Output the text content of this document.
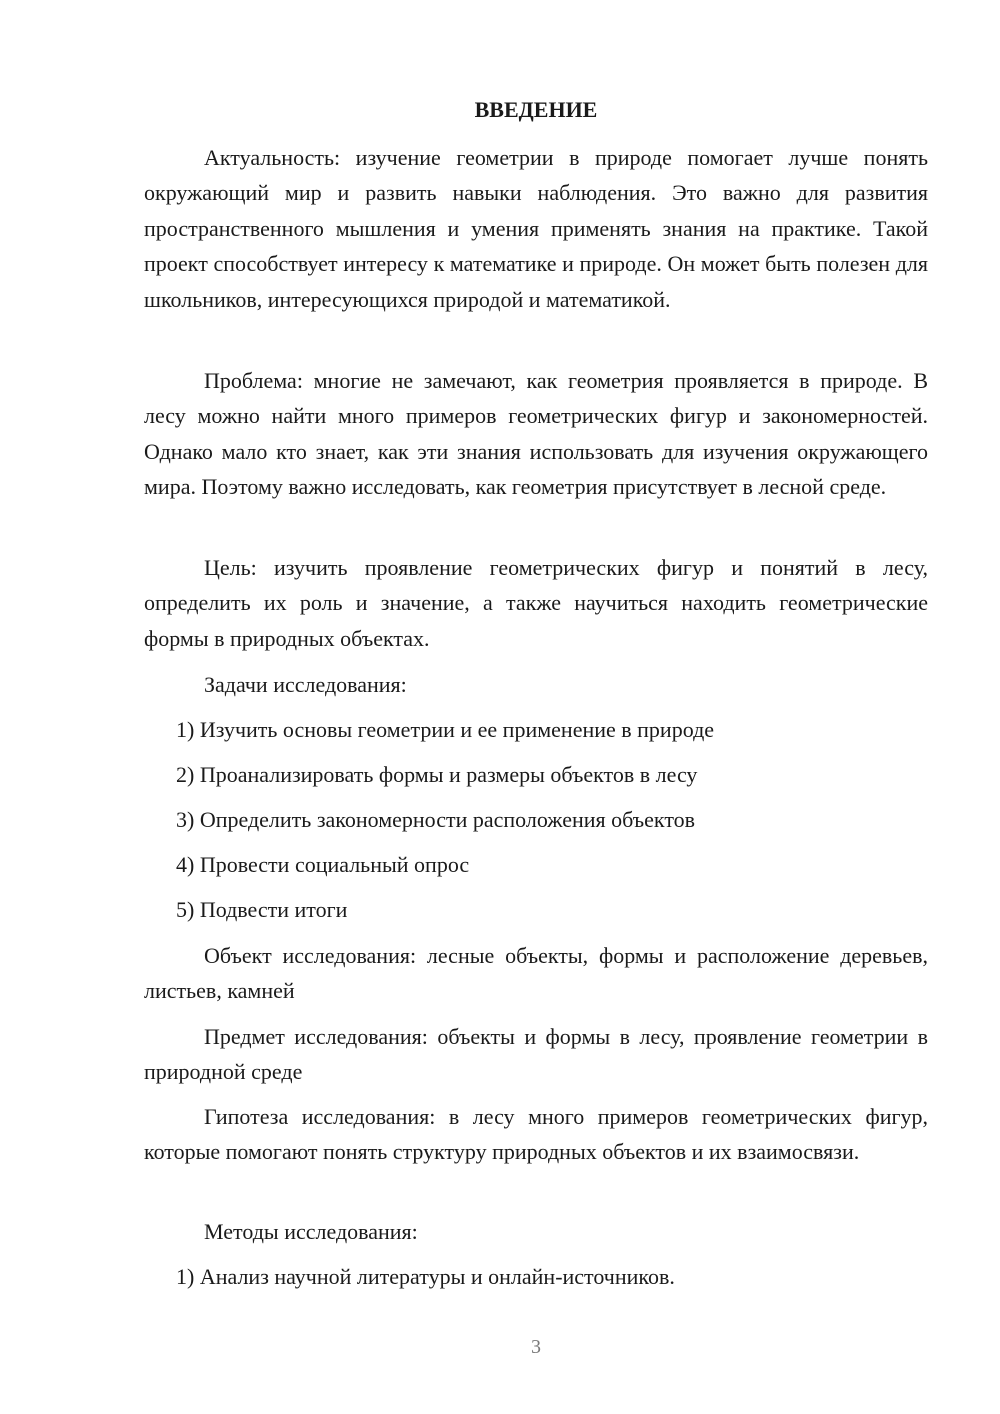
ВВЕДЕНИЕ

Актуальность: изучение геометрии в природе помогает лучше понять окружающий мир и развить навыки наблюдения. Это важно для развития пространственного мышления и умения применять знания на практике. Такой проект способствует интересу к математике и природе. Он может быть полезен для школьников, интересующихся природой и математикой.

Проблема: многие не замечают, как геометрия проявляется в природе. В лесу можно найти много примеров геометрических фигур и закономерностей. Однако мало кто знает, как эти знания использовать для изучения окружающего мира. Поэтому важно исследовать, как геометрия присутствует в лесной среде.

Цель: изучить проявление геометрических фигур и понятий в лесу, определить их роль и значение, а также научиться находить геометрические формы в природных объектах.

Задачи исследования:
1) Изучить основы геометрии и ее применение в природе
2) Проанализировать формы и размеры объектов в лесу
3) Определить закономерности расположения объектов
4) Провести социальный опрос
5) Подвести итоги

Объект исследования: лесные объекты, формы и расположение деревьев, листьев, камней

Предмет исследования: объекты и формы в лесу, проявление геометрии в природной среде

Гипотеза исследования: в лесу много примеров геометрических фигур, которые помогают понять структуру природных объектов и их взаимосвязи.

Методы исследования:
1) Анализ научной литературы и онлайн-источников.
3
